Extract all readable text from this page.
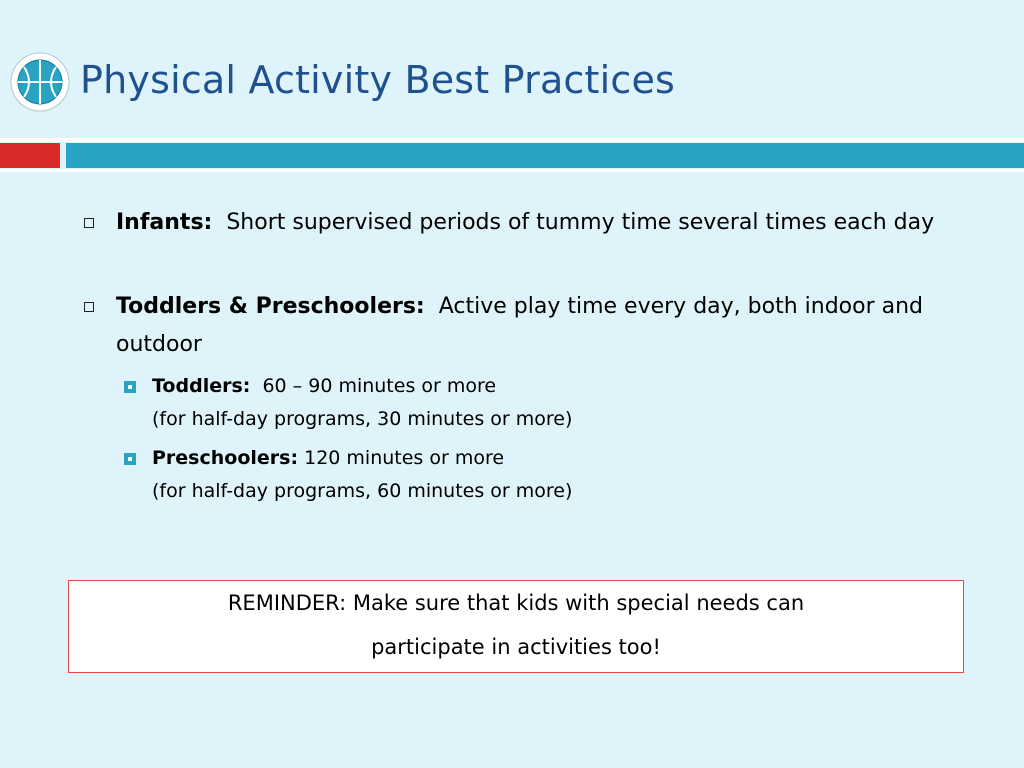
Physical Activity Best Practices
Infants: Short supervised periods of tummy time several times each day
Toddlers & Preschoolers: Active play time every day, both indoor and outdoor
Toddlers: 60 – 90 minutes or more
(for half-day programs, 30 minutes or more)
Preschoolers: 120 minutes or more
(for half-day programs, 60 minutes or more)
REMINDER: Make sure that kids with special needs can
participate in activities too!
